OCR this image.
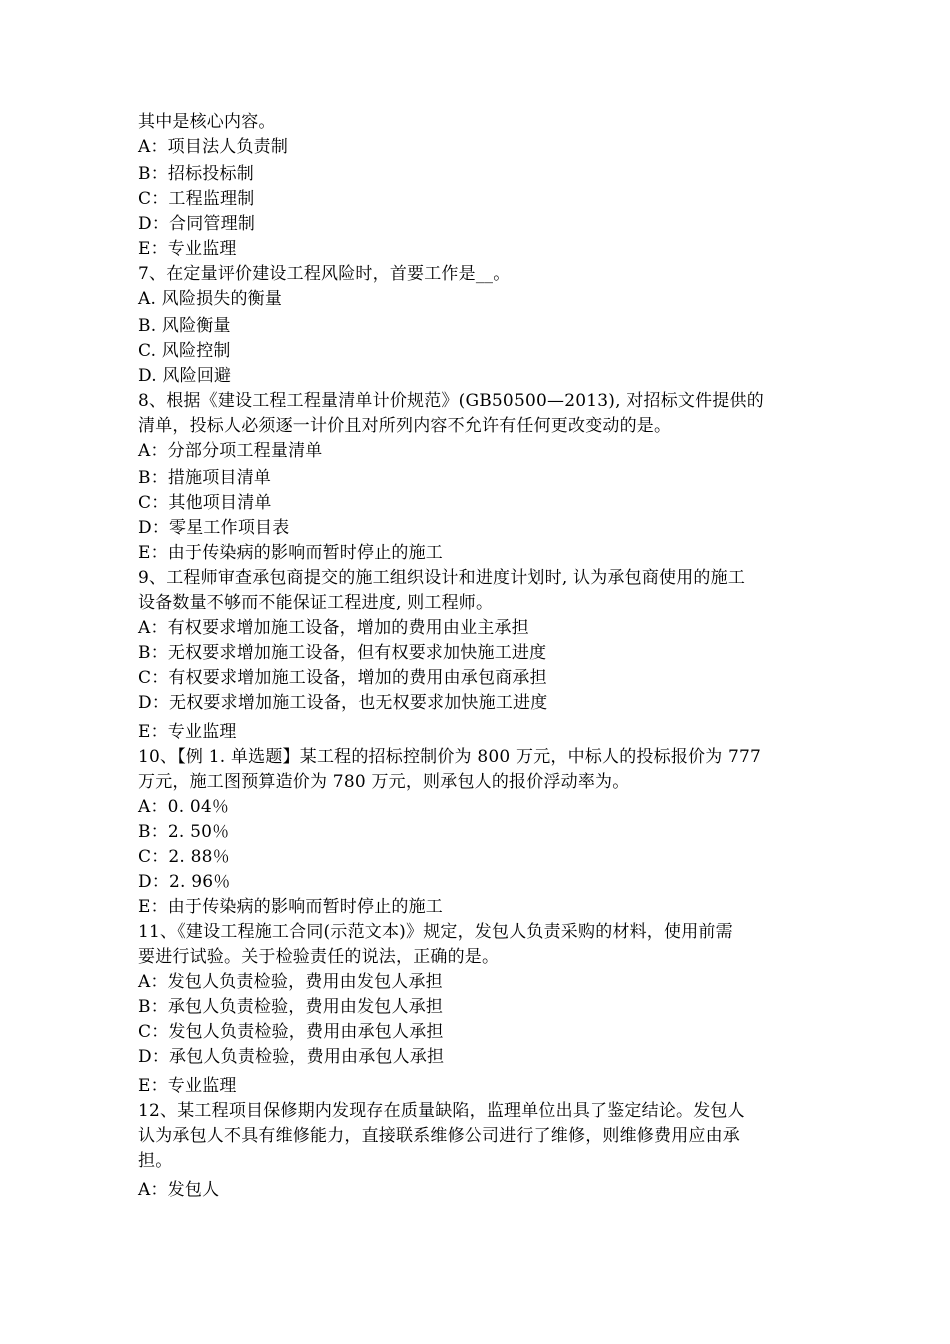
其中是核心内容。
A：项目法人负责制
B：招标投标制
C：工程监理制
D：合同管理制
E：专业监理
7、在定量评价建设工程风险时，首要工作是__。
A. 风险损失的衡量
B. 风险衡量
C. 风险控制
D. 风险回避
8、根据《建设工程工程量清单计价规范》(GB50500—2013), 对招标文件提供的
清单，投标人必须逐一计价且对所列内容不允许有任何更改变动的是。
A：分部分项工程量清单
B：措施项目清单
C：其他项目清单
D：零星工作项目表
E：由于传染病的影响而暂时停止的施工
9、工程师审查承包商提交的施工组织设计和进度计划时, 认为承包商使用的施工
设备数量不够而不能保证工程进度, 则工程师。
A：有权要求增加施工设备，增加的费用由业主承担
B：无权要求增加施工设备，但有权要求加快施工进度
C：有权要求增加施工设备，增加的费用由承包商承担
D：无权要求增加施工设备，也无权要求加快施工进度
E：专业监理
10、【例 1. 单选题】某工程的招标控制价为 800 万元，中标人的投标报价为 777
万元，施工图预算造价为 780 万元，则承包人的报价浮动率为。
A：0. 04％
B：2. 50％
C：2. 88％
D：2. 96％
E：由于传染病的影响而暂时停止的施工
11、《建设工程施工合同(示范文本)》规定，发包人负责采购的材料，使用前需
要进行试验。关于检验责任的说法，正确的是。
A：发包人负责检验，费用由发包人承担
B：承包人负责检验，费用由发包人承担
C：发包人负责检验，费用由承包人承担
D：承包人负责检验，费用由承包人承担
E：专业监理
12、某工程项目保修期内发现存在质量缺陷，监理单位出具了鉴定结论。发包人
认为承包人不具有维修能力，直接联系维修公司进行了维修，则维修费用应由承
担。
A：发包人
